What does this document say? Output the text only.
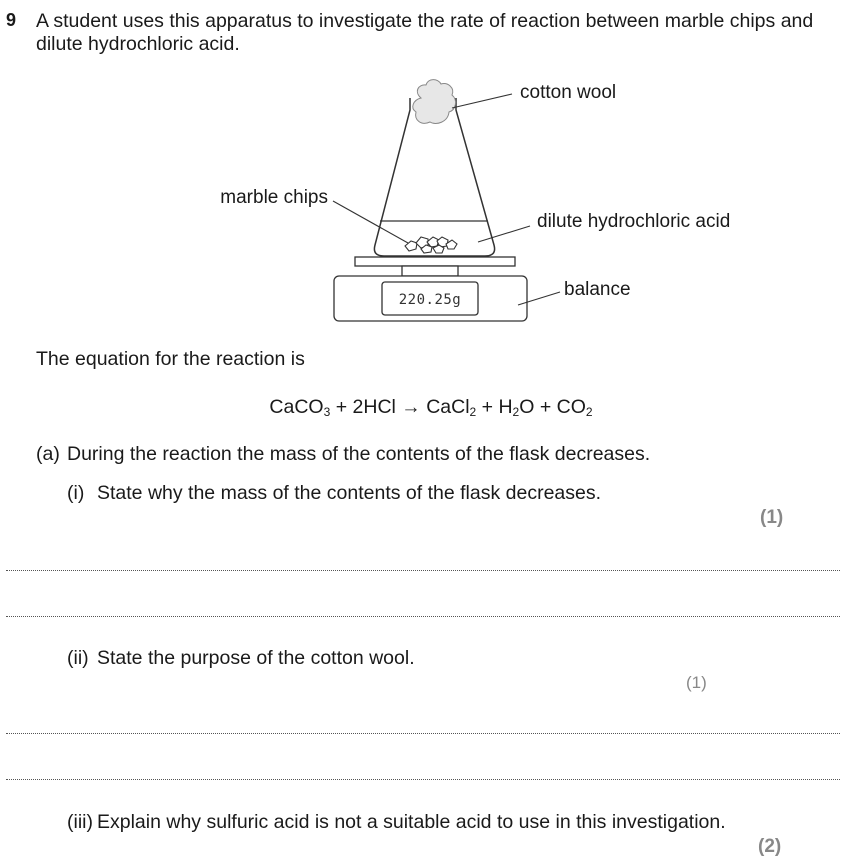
9 A student uses this apparatus to investigate the rate of reaction between marble chips and dilute hydrochloric acid.
220.25g
cotton wool
marble chips
dilute hydrochloric acid
balance
The equation for the reaction is
CaCO$_3$ + 2HCl → CaCl$_2$ + $H_2O + CO_2$
(a) During the reaction the mass of the contents of the flask decreases.
(i) State why the mass of the contents of the flask decreases.
(1)
(ii) State the purpose of the cotton wool.
(1)
(iii) Explain why sulfuric acid is not a suitable acid to use in this investigation.
(2)
